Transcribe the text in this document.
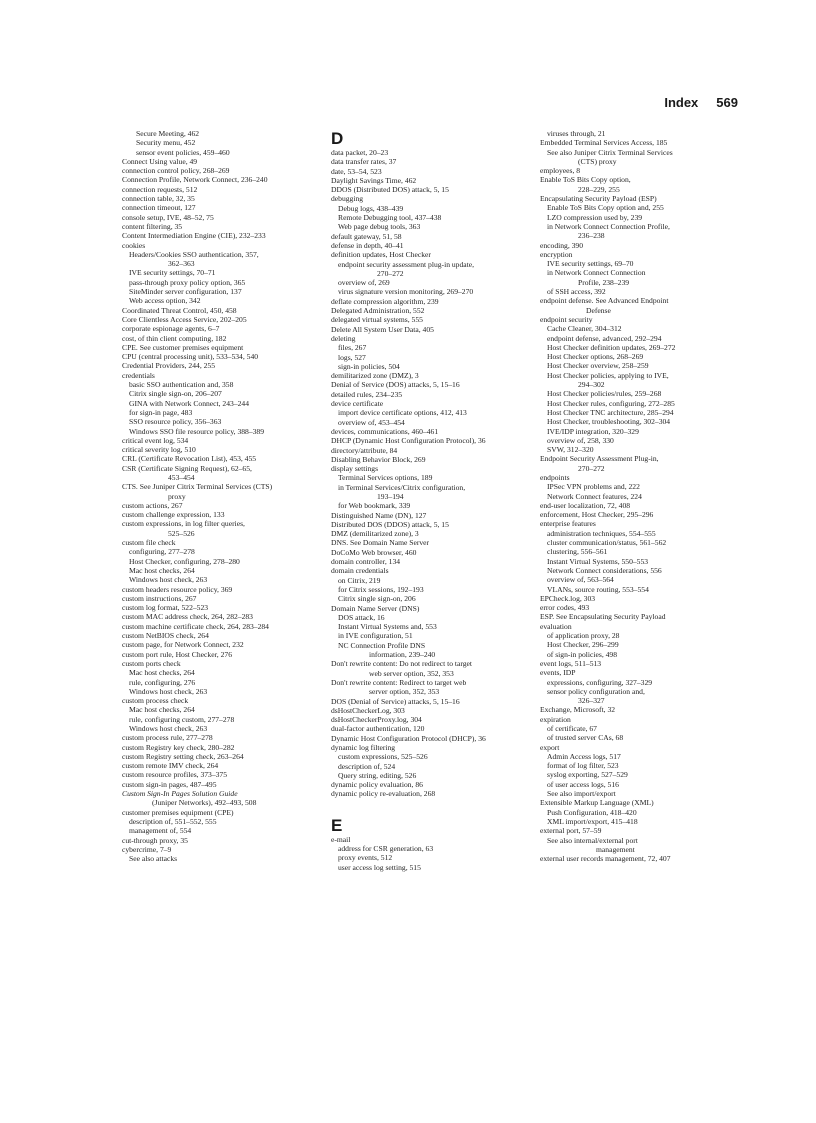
Index 569
Secure Meeting, 462
Security menu, 452
sensor event policies, 459–460
Connect Using value, 49
connection control policy, 268–269
Connection Profile, Network Connect, 236–240
connection requests, 512
connection table, 32, 35
connection timeout, 127
console setup, IVE, 48–52, 75
content filtering, 35
Content Intermediation Engine (CIE), 232–233
cookies
Headers/Cookies SSO authentication, 357,
362–363
IVE security settings, 70–71
pass-through proxy policy option, 365
SiteMinder server configuration, 137
Web access option, 342
Coordinated Threat Control, 450, 458
Core Clientless Access Service, 202–205
corporate espionage agents, 6–7
cost, of thin client computing, 182
CPE. See customer premises equipment
CPU (central processing unit), 533–534, 540
Credential Providers, 244, 255
credentials
basic SSO authentication and, 358
Citrix single sign-on, 206–207
GINA with Network Connect, 243–244
for sign-in page, 483
SSO resource policy, 356–363
Windows SSO file resource policy, 388–389
critical event log, 534
critical severity log, 510
CRL (Certificate Revocation List), 453, 455
CSR (Certificate Signing Request), 62–65,
453–454
CTS. See Juniper Citrix Terminal Services (CTS)
proxy
custom actions, 267
custom challenge expression, 133
custom expressions, in log filter queries,
525–526
custom file check
configuring, 277–278
Host Checker, configuring, 278–280
Mac host checks, 264
Windows host check, 263
custom headers resource policy, 369
custom instructions, 267
custom log format, 522–523
custom MAC address check, 264, 282–283
custom machine certificate check, 264, 283–284
custom NetBIOS check, 264
custom page, for Network Connect, 232
custom port rule, Host Checker, 276
custom ports check
Mac host checks, 264
rule, configuring, 276
Windows host check, 263
custom process check
Mac host checks, 264
rule, configuring custom, 277–278
Windows host check, 263
custom process rule, 277–278
custom Registry key check, 280–282
custom Registry setting check, 263–264
custom remote IMV check, 264
custom resource profiles, 373–375
custom sign-in pages, 487–495
Custom Sign-In Pages Solution Guide
(Juniper Networks), 492–493, 508
customer premises equipment (CPE)
description of, 551–552, 555
management of, 554
cut-through proxy, 35
cybercrime, 7–9
See also attacks
D
data packet, 20–23
data transfer rates, 37
date, 53–54, 523
Daylight Savings Time, 462
DDOS (Distributed DOS) attack, 5, 15
debugging
Debug logs, 438–439
Remote Debugging tool, 437–438
Web page debug tools, 363
default gateway, 51, 58
defense in depth, 40–41
definition updates, Host Checker
endpoint security assessment plug-in update,
270–272
overview of, 269
virus signature version monitoring, 269–270
deflate compression algorithm, 239
Delegated Administration, 552
delegated virtual systems, 555
Delete All System User Data, 405
deleting
files, 267
logs, 527
sign-in policies, 504
demilitarized zone (DMZ), 3
Denial of Service (DOS) attacks, 5, 15–16
detailed rules, 234–235
device certificate
import device certificate options, 412, 413
overview of, 453–454
devices, communications, 460–461
DHCP (Dynamic Host Configuration Protocol), 36
directory/attribute, 84
Disabling Behavior Block, 269
display settings
Terminal Services options, 189
in Terminal Services/Citrix configuration,
193–194
for Web bookmark, 339
Distinguished Name (DN), 127
Distributed DOS (DDOS) attack, 5, 15
DMZ (demilitarized zone), 3
DNS. See Domain Name Server
DoCoMo Web browser, 460
domain controller, 134
domain credentials
on Citrix, 219
for Citrix sessions, 192–193
Citrix single sign-on, 206
Domain Name Server (DNS)
DOS attack, 16
Instant Virtual Systems and, 553
in IVE configuration, 51
NC Connection Profile DNS
information, 239–240
Don't rewrite content: Do not redirect to target
web server option, 352, 353
Don't rewrite content: Redirect to target web
server option, 352, 353
DOS (Denial of Service) attacks, 5, 15–16
dsHostCheckerLog, 303
dsHostCheckerProxy.log, 304
dual-factor authentication, 120
Dynamic Host Configuration Protocol (DHCP), 36
dynamic log filtering
custom expressions, 525–526
description of, 524
Query string, editing, 526
dynamic policy evaluation, 86
dynamic policy re-evaluation, 268
E
e-mail
address for CSR generation, 63
proxy events, 512
user access log setting, 515
viruses through, 21
Embedded Terminal Services Access, 185
See also Juniper Citrix Terminal Services
(CTS) proxy
employees, 8
Enable ToS Bits Copy option,
228–229, 255
Encapsulating Security Payload (ESP)
Enable ToS Bits Copy option and, 255
LZO compression used by, 239
in Network Connect Connection Profile,
236–238
encoding, 390
encryption
IVE security settings, 69–70
in Network Connect Connection
Profile, 238–239
of SSH access, 392
endpoint defense. See Advanced Endpoint
Defense
endpoint security
Cache Cleaner, 304–312
endpoint defense, advanced, 292–294
Host Checker definition updates, 269–272
Host Checker options, 268–269
Host Checker overview, 258–259
Host Checker policies, applying to IVE,
294–302
Host Checker policies/rules, 259–268
Host Checker rules, configuring, 272–285
Host Checker TNC architecture, 285–294
Host Checker, troubleshooting, 302–304
IVE/IDP integration, 320–329
overview of, 258, 330
SVW, 312–320
Endpoint Security Assessment Plug-in,
270–272
endpoints
IPSec VPN problems and, 222
Network Connect features, 224
end-user localization, 72, 408
enforcement, Host Checker, 295–296
enterprise features
administration techniques, 554–555
cluster communication/status, 561–562
clustering, 556–561
Instant Virtual Systems, 550–553
Network Connect considerations, 556
overview of, 563–564
VLANs, source routing, 553–554
EPCheck.log, 303
error codes, 493
ESP. See Encapsulating Security Payload
evaluation
of application proxy, 28
Host Checker, 296–299
of sign-in policies, 498
event logs, 511–513
events, IDP
expressions, configuring, 327–329
sensor policy configuration and,
326–327
Exchange, Microsoft, 32
expiration
of certificate, 67
of trusted server CAs, 68
export
Admin Access logs, 517
format of log filter, 523
syslog exporting, 527–529
of user access logs, 516
See also import/export
Extensible Markup Language (XML)
Push Configuration, 418–420
XML import/export, 415–418
external port, 57–59
See also internal/external port
management
external user records management, 72, 407
